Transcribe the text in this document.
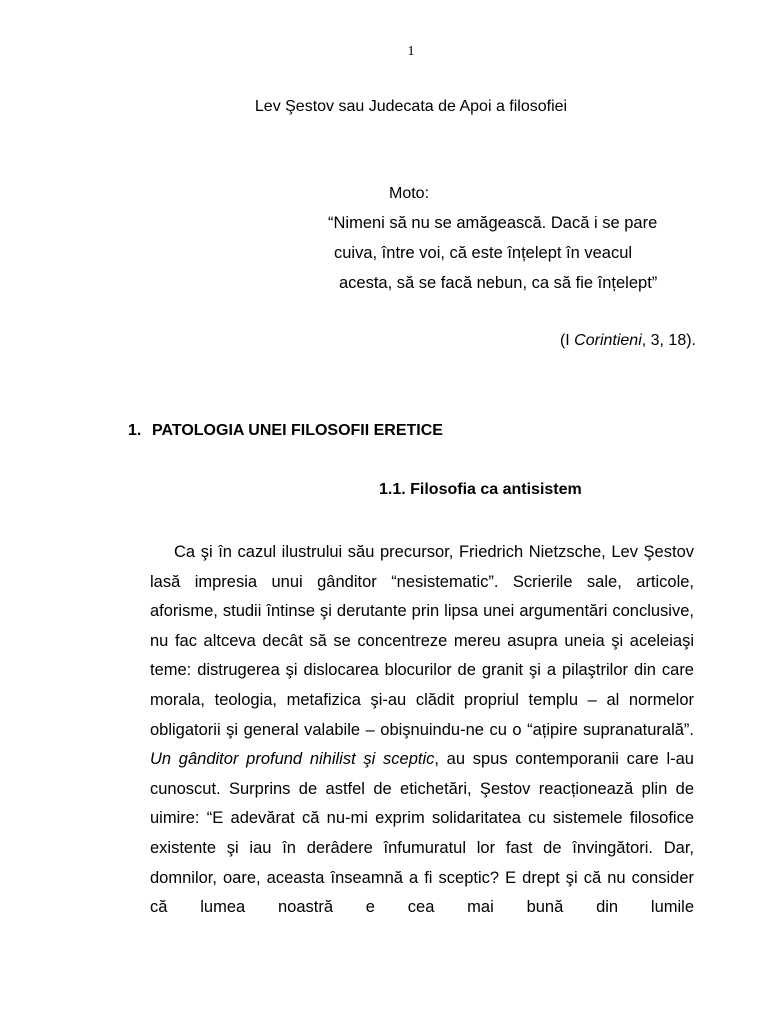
1
Lev Şestov sau Judecata de Apoi a filosofiei
Moto:
“Nimeni să nu se amăgească. Dacă i se pare
cuiva, între voi, că este înțelept în veacul
acesta, să se facă nebun, ca să fie înțelept”
(I Corintieni, 3, 18).
1. PATOLOGIA UNEI FILOSOFII ERETICE
1.1. Filosofia ca antisistem

Ca şi în cazul ilustrului său precursor, Friedrich Nietzsche, Lev Şestov lasă impresia unui gânditor “nesistematic”. Scrierile sale, articole, aforisme, studii întinse şi derutante prin lipsa unei argumentări conclusive, nu fac altceva decât să se concentreze mereu asupra uneia şi aceleiaşi teme: distrugerea şi dislocarea blocurilor de granit şi a pilaştrilor din care morala, teologia, metafizica şi-au clădit propriul templu – al normelor obligatorii şi general valabile – obişnuindu-ne cu o “ațipire supranaturală”. Un gânditor profund nihilist şi sceptic, au spus contemporanii care l-au cunoscut. Surprins de astfel de etichetări, Şestov reacționează plin de uimire: “E adevărat că nu-mi exprim solidaritatea cu sistemele filosofice existente şi iau în derâdere înfumuratul lor fast de învingători. Dar, domnilor, oare, aceasta înseamnă a fi sceptic? E drept şi că nu consider că lumea noastră e cea mai bună din lumile
